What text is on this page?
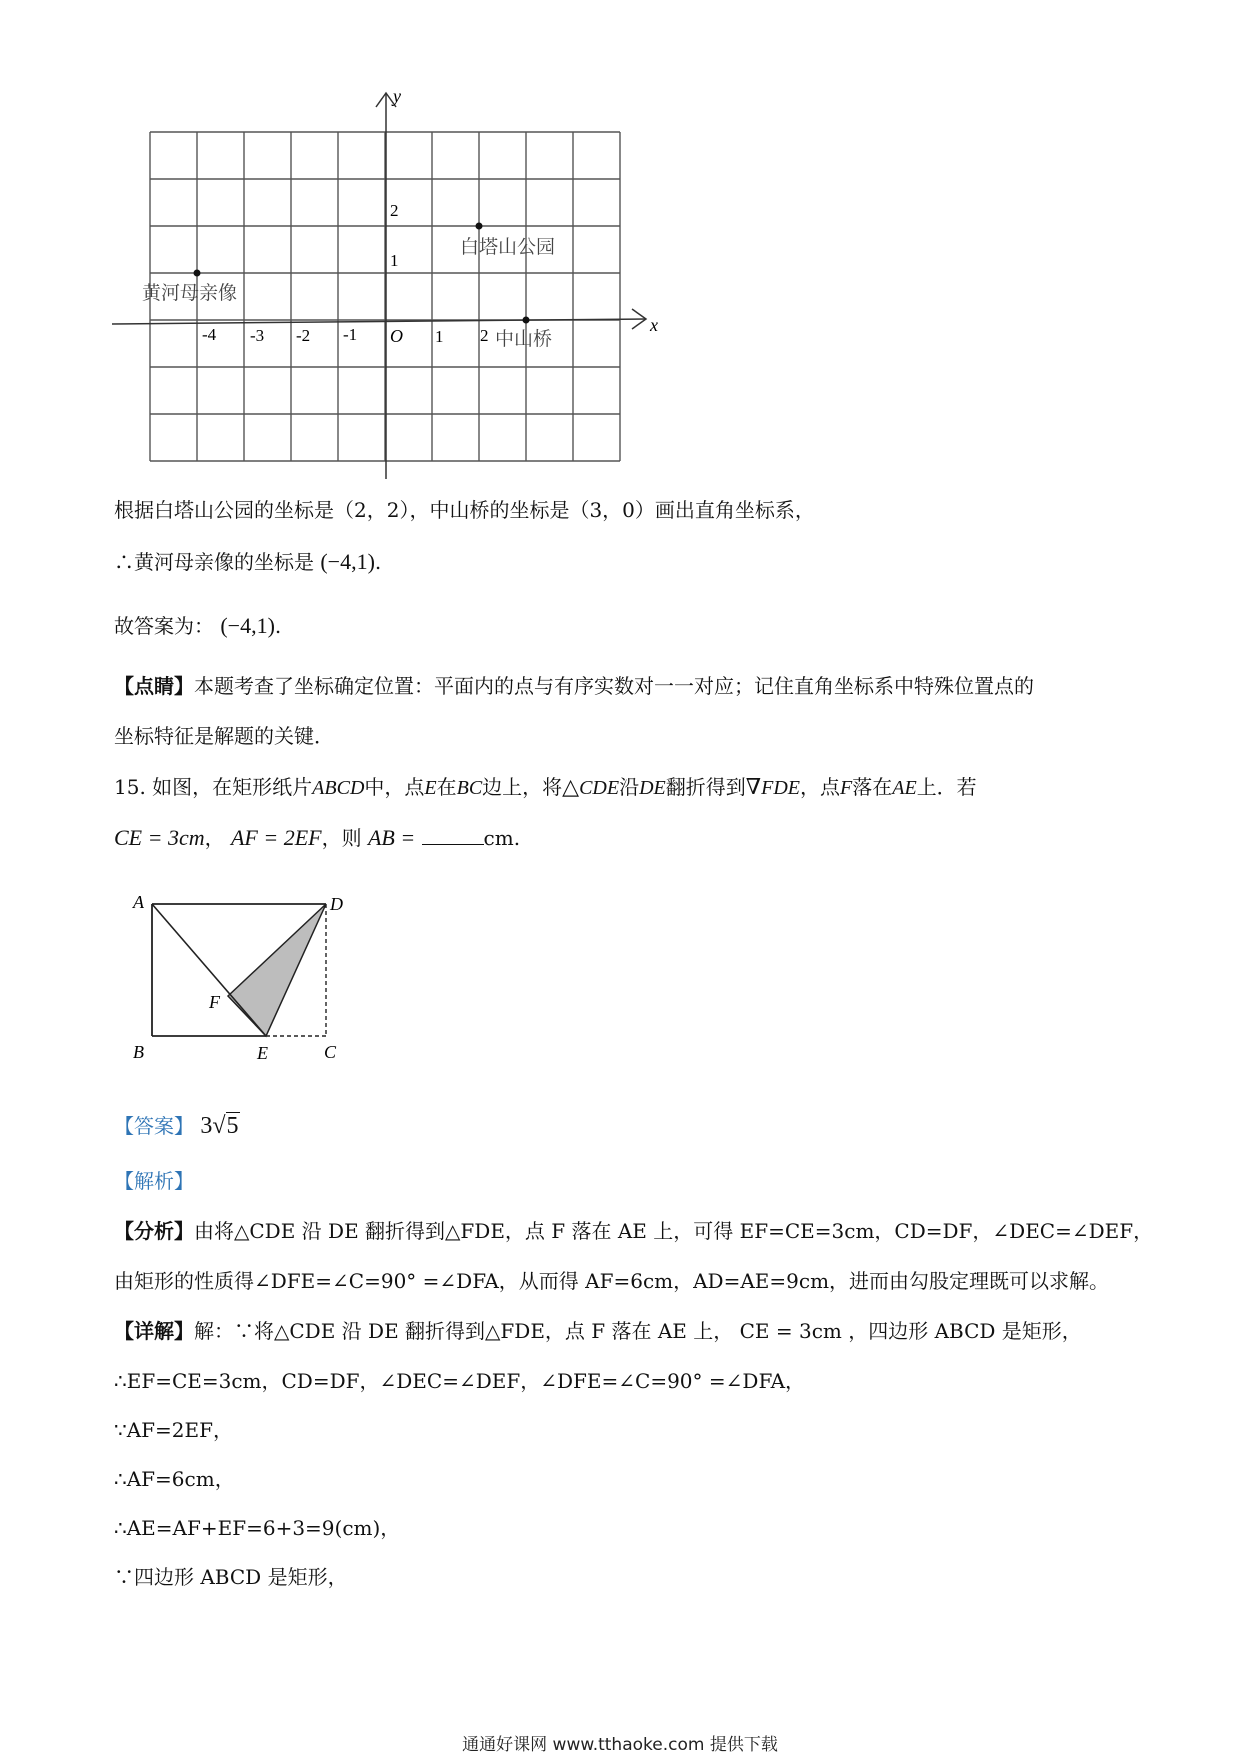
x
y
O
-4 -3 -2 -1	1 2
1
2
白塔山公园
中山桥
黄河母亲像
根据白塔山公园的坐标是（2，2），中山桥的坐标是（3，0）画出直角坐标系，
∴黄河母亲像的坐标是 (−4,1).
故答案为： (−4,1).
【点睛】本题考查了坐标确定位置：平面内的点与有序实数对一一对应；记住直角坐标系中特殊位置点的
坐标特征是解题的关键．
15. 如图，在矩形纸片ABCD中，点E在BC边上，将△CDE沿DE翻折得到∇FDE，点F落在AE上．若
CE = 3cm， AF = 2EF，则 AB =	cm.
A	D
F
B	E	C
【答案】 3√5
【解析】
【分析】由将△CDE 沿 DE 翻折得到△FDE，点 F 落在 AE 上，可得 EF=CE=3cm，CD=DF，∠DEC=∠DEF，
由矩形的性质得∠DFE=∠C=90° =∠DFA，从而得 AF=6cm，AD=AE=9cm，进而由勾股定理既可以求解。
【详解】解：∵将△CDE 沿 DE 翻折得到△FDE，点 F 落在 AE 上， CE = 3cm ，四边形 ABCD 是矩形，
∴EF=CE=3cm，CD=DF，∠DEC=∠DEF，∠DFE=∠C=90° =∠DFA，
∵AF=2EF，
∴AF=6cm，
∴AE=AF+EF=6+3=9(cm)，
∵四边形 ABCD 是矩形，
通通好课网 www.tthaoke.com 提供下载
